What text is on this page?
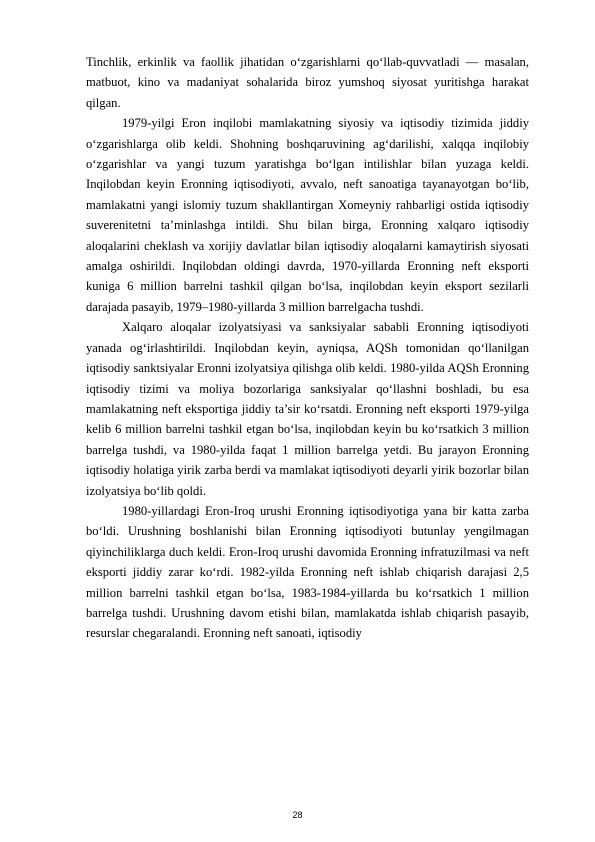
Tinchlik, erkinlik va faollik jihatidan o‘zgarishlarni qo‘llab-quvvatladi — masalan, matbuot, kino va madaniyat sohalarida biroz yumshoq siyosat yuritishga harakat qilgan.

1979-yilgi Eron inqilobi mamlakatning siyosiy va iqtisodiy tizimida jiddiy o‘zgarishlarga olib keldi. Shohning boshqaruvining ag‘darilishi, xalqqa inqilobiy o‘zgarishlar va yangi tuzum yaratishga bo‘lgan intilishlar bilan yuzaga keldi. Inqilobdan keyin Eronning iqtisodiyoti, avvalo, neft sanoatiga tayanayotgan bo‘lib, mamlakatni yangi islomiy tuzum shakllantirgan Xomeyniy rahbarligi ostida iqtisodiy suverenitetni ta’minlashga intildi. Shu bilan birga, Eronning xalqaro iqtisodiy aloqalarini cheklash va xorijiy davlatlar bilan iqtisodiy aloqalarni kamaytirish siyosati amalga oshirildi. Inqilobdan oldingi davrda, 1970-yillarda Eronning neft eksporti kuniga 6 million barrelni tashkil qilgan bo‘lsa, inqilobdan keyin eksport sezilarli darajada pasayib, 1979–1980-yillarda 3 million barrelgacha tushdi.

Xalqaro aloqalar izolyatsiyasi va sanksiyalar sababli Eronning iqtisodiyoti yanada og‘irlashtirildi. Inqilobdan keyin, ayniqsa, AQSh tomonidan qo‘llanilgan iqtisodiy sanktsiyalar Eronni izolyatsiya qilishga olib keldi. 1980-yilda AQSh Eronning iqtisodiy tizimi va moliya bozorlariga sanksiyalar qo‘llashni boshladi, bu esa mamlakatning neft eksportiga jiddiy ta’sir ko‘rsatdi. Eronning neft eksporti 1979-yilga kelib 6 million barrelni tashkil etgan bo‘lsa, inqilobdan keyin bu ko‘rsatkich 3 million barrelga tushdi, va 1980-yilda faqat 1 million barrelga yetdi. Bu jarayon Eronning iqtisodiy holatiga yirik zarba berdi va mamlakat iqtisodiyoti deyarli yirik bozorlar bilan izolyatsiya bo‘lib qoldi.

1980-yillardagi Eron-Iroq urushi Eronning iqtisodiyotiga yana bir katta zarba bo‘ldi. Urushning boshlanishi bilan Eronning iqtisodiyoti butunlay yengilmagan qiyinchiliklarga duch keldi. Eron-Iroq urushi davomida Eronning infratuzilmasi va neft eksporti jiddiy zarar ko‘rdi. 1982-yilda Eronning neft ishlab chiqarish darajasi 2,5 million barrelni tashkil etgan bo‘lsa, 1983-1984-yillarda bu ko‘rsatkich 1 million barrelga tushdi. Urushning davom etishi bilan, mamlakatda ishlab chiqarish pasayib, resurslar chegaralandi. Eronning neft sanoati, iqtisodiy

28
